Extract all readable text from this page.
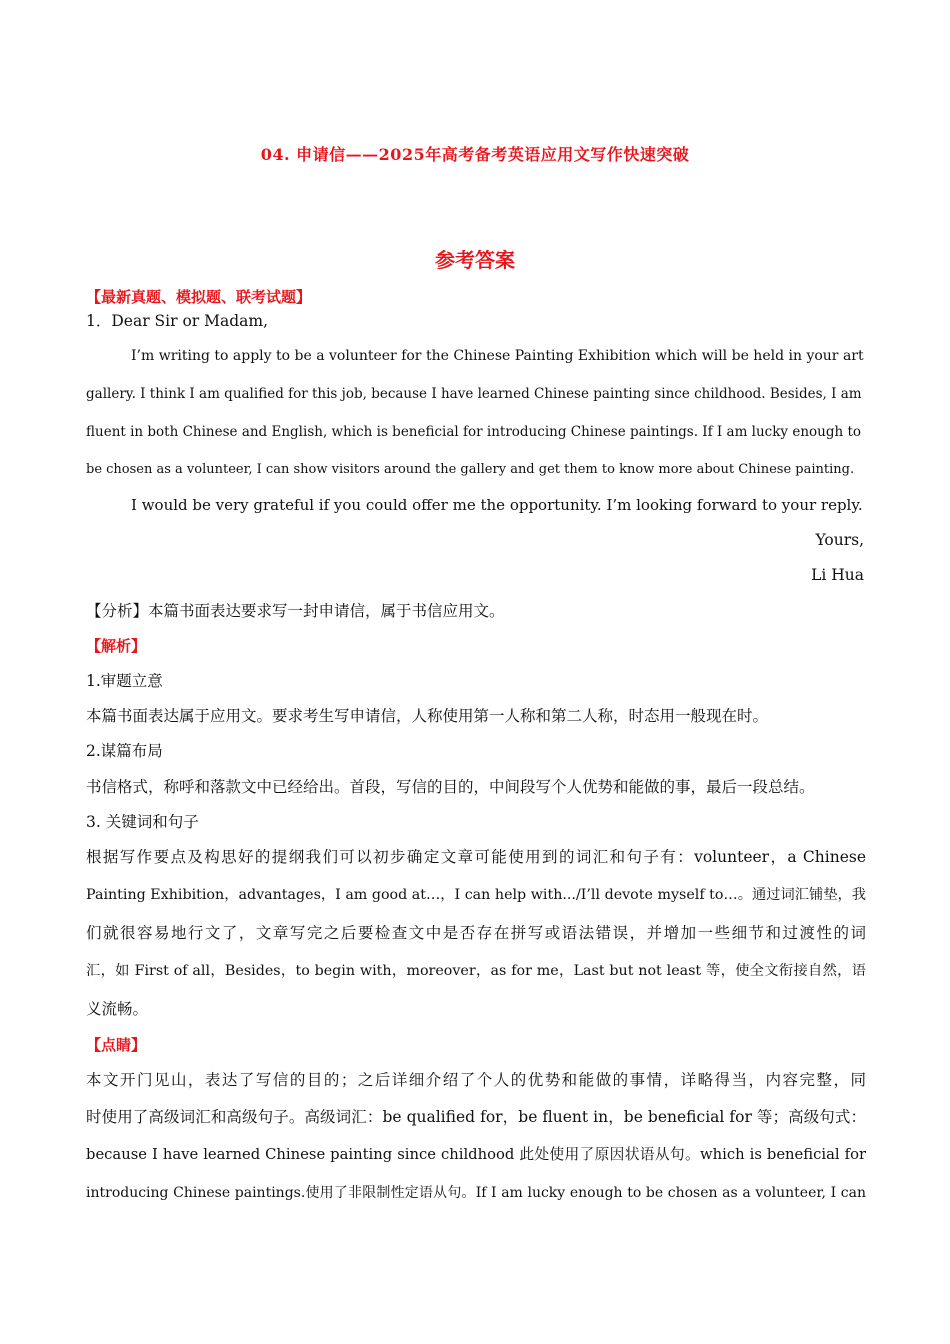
04. 申请信——2025年高考备考英语应用文写作快速突破
参考答案
【最新真题、模拟题、联考试题】
1．Dear Sir or Madam,
I’m writing to apply to be a volunteer for the Chinese Painting Exhibition which will be held in your art
gallery. I think I am qualified for this job, because I have learned Chinese painting since childhood. Besides, I am
fluent in both Chinese and English, which is beneficial for introducing Chinese paintings. If I am lucky enough to
be chosen as a volunteer, I can show visitors around the gallery and get them to know more about Chinese painting.
I would be very grateful if you could offer me the opportunity. I’m looking forward to your reply.
Yours,
Li Hua
【分析】本篇书面表达要求写一封申请信，属于书信应用文。
【解析】
1.审题立意
本篇书面表达属于应用文。要求考生写申请信，人称使用第一人称和第二人称，时态用一般现在时。
2.谋篇布局
书信格式，称呼和落款文中已经给出。首段，写信的目的，中间段写个人优势和能做的事，最后一段总结。
3. 关键词和句子
根据写作要点及构思好的提纲我们可以初步确定文章可能使用到的词汇和句子有：volunteer，a Chinese
Painting Exhibition，advantages，I am good at…，I can help with.../I’ll devote myself to…。通过词汇铺垫，我
们就很容易地行文了，文章写完之后要检查文中是否存在拼写或语法错误，并增加一些细节和过渡性的词
汇，如 First of all，Besides，to begin with，moreover，as for me，Last but not least 等，使全文衔接自然，语
义流畅。
【点睛】
本文开门见山，表达了写信的目的；之后详细介绍了个人的优势和能做的事情，详略得当，内容完整，同
时使用了高级词汇和高级句子。高级词汇：be qualified for，be fluent in，be beneficial for 等；高级句式：
because I have learned Chinese painting since childhood 此处使用了原因状语从句。which is beneficial for
introducing Chinese paintings.使用了非限制性定语从句。If I am lucky enough to be chosen as a volunteer, I can
